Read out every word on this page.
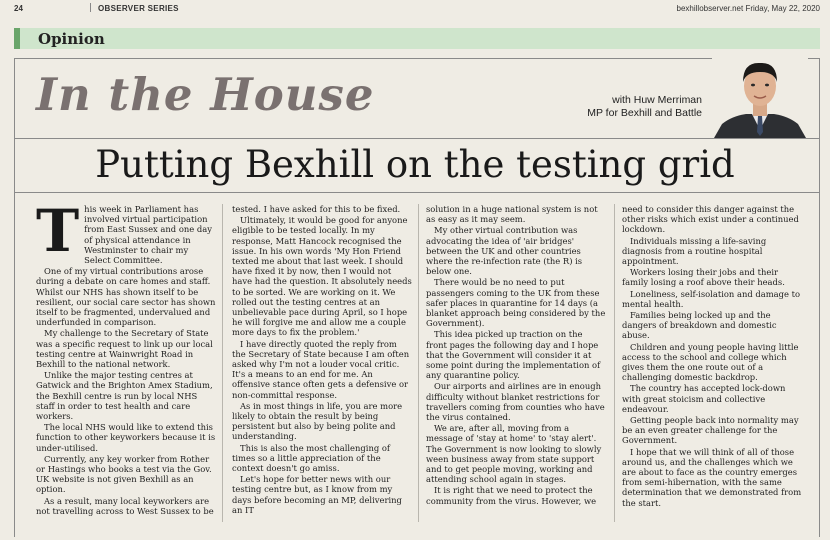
24	OBSERVER SERIES	bexhillobserver.net Friday, May 22, 2020
Opinion
In the House	with Huw Merriman
MP for Bexhill and Battle
Putting Bexhill on the testing grid
T his week in Parliament has involved virtual participation from East Sussex and one day of physical attendance in Westminster to chair my Select Committee.

One of my virtual contributions arose during a debate on care homes and staff. Whilst our NHS has shown itself to be resilient, our social care sector has shown itself to be fragmented, undervalued and underfunded in comparison.

My challenge to the Secretary of State was a specific request to link up our local testing centre at Wainwright Road in Bexhill to the national network.

Unlike the major testing centres at Gatwick and the Brighton Amex Stadium, the Bexhill centre is run by local NHS staff in order to test health and care workers.

The local NHS would like to extend this function to other keyworkers because it is under-utilised.

Currently, any key worker from Rother or Hastings who books a test via the Gov. UK website is not given Bexhill as an option.

As a result, many local keyworkers are not travelling across to West Sussex to be

tested. I have asked for this to be fixed.

Ultimately, it would be good for anyone eligible to be tested locally. In my response, Matt Hancock recognised the issue. In his own words 'My Hon Friend texted me about that last week. I should have fixed it by now, then I would not have had the question. It absolutely needs to be sorted. We are working on it. We rolled out the testing centres at an unbelievable pace during April, so I hope he will forgive me and allow me a couple more days to fix the problem.'

I have directly quoted the reply from the Secretary of State because I am often asked why I'm not a louder vocal critic. It's a means to an end for me. An offensive stance often gets a defensive or non-committal response.

As in most things in life, you are more likely to obtain the result by being persistent but also by being polite and understanding.

This is also the most challenging of times so a little appreciation of the context doesn't go amiss.

Let's hope for better news with our testing centre but, as I know from my days before becoming an MP, delivering an IT

solution in a huge national system is not as easy as it may seem.

My other virtual contribution was advocating the idea of 'air bridges' between the UK and other countries where the re-infection rate (the R) is below one.

There would be no need to put passengers coming to the UK from these safer places in quarantine for 14 days (a blanket approach being considered by the Government).

This idea picked up traction on the front pages the following day and I hope that the Government will consider it at some point during the implementation of any quarantine policy.

Our airports and airlines are in enough difficulty without blanket restrictions for travellers coming from counties who have the virus contained.

We are, after all, moving from a message of 'stay at home' to 'stay alert'. The Government is now looking to slowly ween business away from state support and to get people moving, working and attending school again in stages.

It is right that we need to protect the community from the virus. However, we

need to consider this danger against the other risks which exist under a continued lockdown.

Individuals missing a life-saving diagnosis from a routine hospital appointment.

Workers losing their jobs and their family losing a roof above their heads.

Loneliness, self-isolation and damage to mental health.

Families being locked up and the dangers of breakdown and domestic abuse.

Children and young people having little access to the school and college which gives them the one route out of a challenging domestic backdrop.

The country has accepted lock-down with great stoicism and collective endeavour.

Getting people back into normality may be an even greater challenge for the Government.

I hope that we will think of all of those around us, and the challenges which we are about to face as the country emerges from semi-hibernation, with the same determination that we demonstrated from the start.
